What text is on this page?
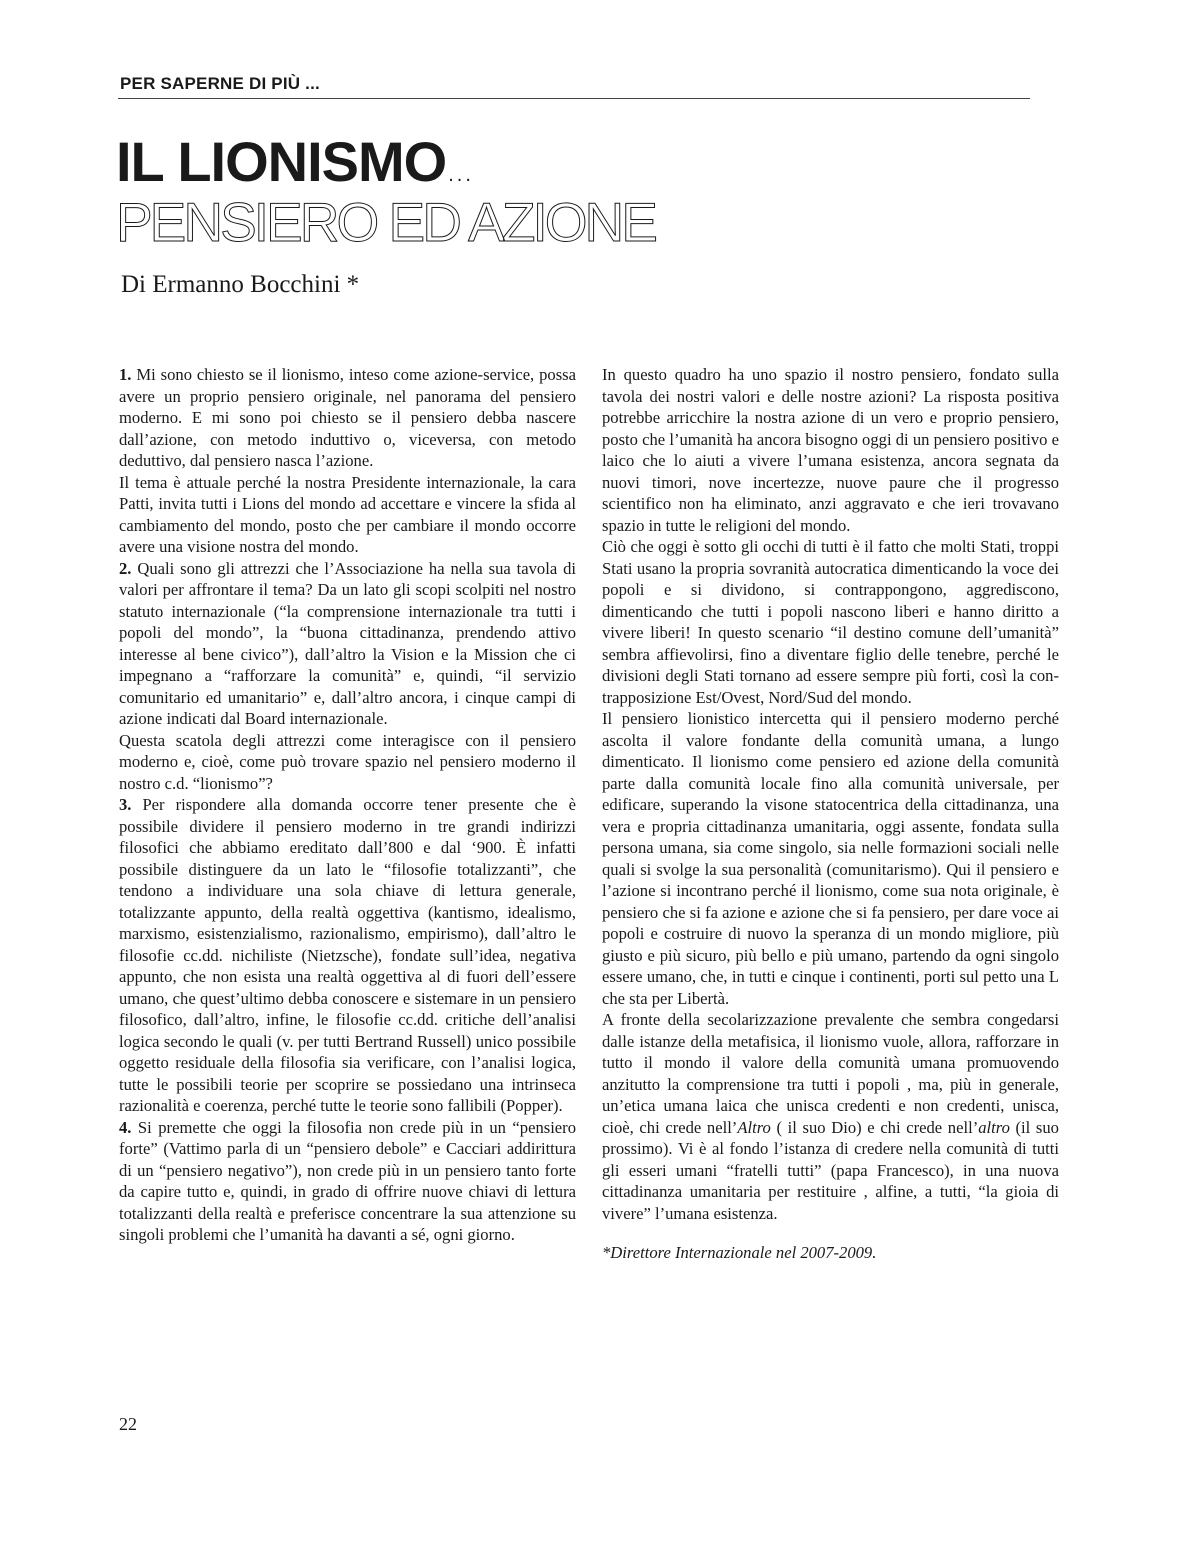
PER SAPERNE DI PIÙ ...
IL LIONISMO ...
PENSIERO ED AZIONE
Di Ermanno Bocchini *

1. Mi sono chiesto se il lionismo, inteso come azione-service, possa avere un proprio pensiero originale, nel panorama del pensiero moderno. E mi sono poi chiesto se il pensiero debba nascere dall’azione, con metodo induttivo o, viceversa, con metodo deduttivo, dal pensiero nasca l’azione.

Il tema è attuale perché la nostra Presidente internazionale, la cara Patti, invita tutti i Lions del mondo ad accettare e vincere la sfida al cambiamento del mondo, posto che per cambiare il mondo occorre avere una visione nostra del mondo.

2. Quali sono gli attrezzi che l’Associazione ha nella sua tavola di valori per affrontare il tema? Da un lato gli scopi scolpiti nel nostro statuto internazionale (“la comprensione internazionale tra tutti i popoli del mondo”, la “buona cittadinanza, prendendo attivo interesse al bene civico”), dall’altro la Vision e la Mission che ci impegnano a “rafforzare la comunità” e, quindi, “il servizio comunitario ed umanitario” e, dall’altro ancora, i cinque campi di azione indicati dal Board internazionale.

Questa scatola degli attrezzi come interagisce con il pensiero moderno e, cioè, come può trovare spazio nel pensiero moderno il nostro c.d. “lionismo”?

3. Per rispondere alla domanda occorre tener presente che è possibile dividere il pensiero moderno in tre grandi indirizzi filosofici che abbiamo ereditato dall’800 e dal ‘900. È infatti possibile distinguere da un lato le “filosofie totalizzanti”, che tendono a individuare una sola chiave di lettura generale, totalizzante appunto, della realtà oggettiva (kantismo, idealismo, marxismo, esistenzialismo, razionalismo, empirismo), dall’altro le filosofie cc.dd. nichiliste (Nietzsche), fondate sull’idea, negativa appunto, che non esista una realtà oggettiva al di fuori dell’essere umano, che quest’ultimo debba conoscere e sistemare in un pensiero filosofico, dall’altro, infine, le filosofie cc.dd. critiche dell’analisi logica secondo le quali (v. per tutti Bertrand Russell) unico possibile oggetto residuale della filosofia sia verificare, con l’analisi logica, tutte le possibili teorie per scoprire se possiedano una intrinseca razionalità e coerenza, perché tutte le teorie sono fallibili (Popper).

4. Si premette che oggi la filosofia non crede più in un “pensiero forte” (Vattimo parla di un “pensiero debole” e Cacciari addirittura di un “pensiero negativo”), non crede più in un pensiero tanto forte da capire tutto e, quindi, in grado di offrire nuove chiavi di lettura totalizzanti della realtà e preferisce concentrare la sua attenzione su singoli problemi che l’umanità ha davanti a sé, ogni giorno.

In questo quadro ha uno spazio il nostro pensiero, fondato sulla tavola dei nostri valori e delle nostre azioni? La risposta positiva potrebbe arricchire la nostra azione di un vero e proprio pensiero, posto che l’umanità ha ancora bisogno oggi di un pensiero positivo e laico che lo aiuti a vivere l’umana esistenza, ancora segnata da nuovi timori, nove incertezze, nuove paure che il progresso scientifico non ha eliminato, anzi aggravato e che ieri trovavano spazio in tutte le religioni del mondo.

Ciò che oggi è sotto gli occhi di tutti è il fatto che molti Stati, troppi Stati usano la propria sovranità autocratica dimenticando la voce dei popoli e si dividono, si contrappongono, aggrediscono, dimenticando che tutti i popoli nascono liberi e hanno diritto a vivere liberi! In questo scenario “il destino comune dell’umanità” sembra affievolirsi, fino a diventare figlio delle tenebre, perché le divisioni degli Stati tornano ad essere sempre più forti, così la contrapposizione Est/Ovest, Nord/Sud del mondo.

Il pensiero lionistico intercetta qui il pensiero moderno perché ascolta il valore fondante della comunità umana, a lungo dimenticato. Il lionismo come pensiero ed azione della comunità parte dalla comunità locale fino alla comunità universale, per edificare, superando la visone statocentrica della cittadinanza, una vera e propria cittadinanza umanitaria, oggi assente, fondata sulla persona umana, sia come singolo, sia nelle formazioni sociali nelle quali si svolge la sua personalità (comunitarismo). Qui il pensiero e l’azione si incontrano perché il lionismo, come sua nota originale, è pensiero che si fa azione e azione che si fa pensiero, per dare voce ai popoli e costruire di nuovo la speranza di un mondo migliore, più giusto e più sicuro, più bello e più umano, partendo da ogni singolo essere umano, che, in tutti e cinque i continenti, porti sul petto una L che sta per Libertà.

A fronte della secolarizzazione prevalente che sembra congedarsi dalle istanze della metafisica, il lionismo vuole, allora, rafforzare in tutto il mondo il valore della comunità umana promuovendo anzitutto la comprensione tra tutti i popoli , ma, più in generale, un’etica umana laica che unisca credenti e non credenti, unisca, cioè, chi crede nell’Altro ( il suo Dio) e chi crede nell’altro (il suo prossimo). Vi è al fondo l’istanza di credere nella comunità di tutti gli esseri umani “fratelli tutti” (papa Francesco), in una nuova cittadinanza umanitaria per restituire , alfine, a tutti, “la gioia di vivere” l’umana esistenza.

*Direttore Internazionale nel 2007-2009.

22
